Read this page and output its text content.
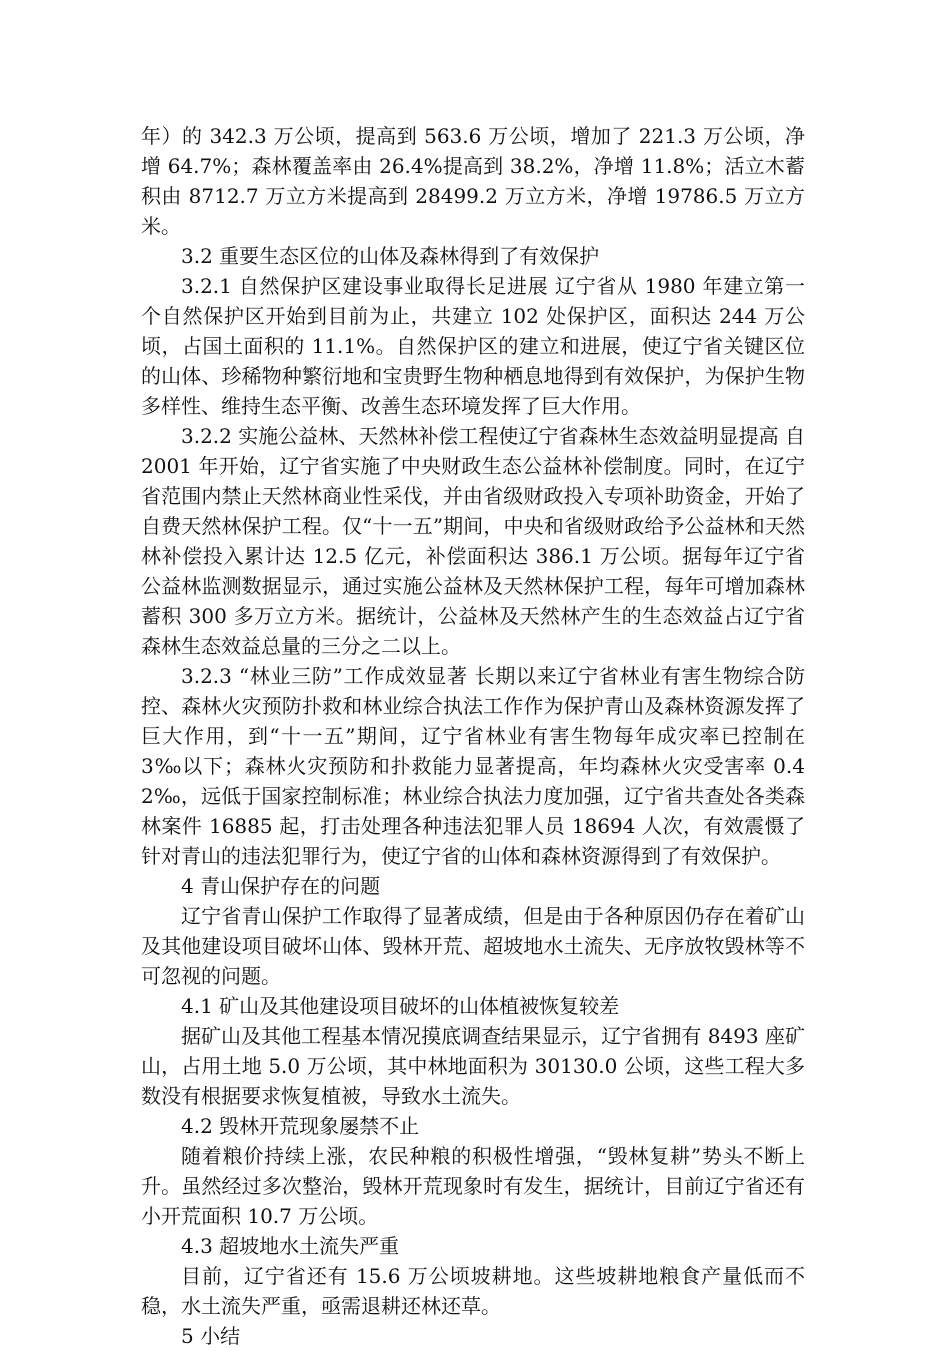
年）的 342.3 万公顷，提高到 563.6 万公顷，增加了 221.3 万公顷，净增 64.7%；森林覆盖率由 26.4%提高到 38.2%，净增 11.8%；活立木蓄积由 8712.7 万立方米提高到 28499.2 万立方米，净增 19786.5 万立方米。

3.2 重要生态区位的山体及森林得到了有效保护

3.2.1 自然保护区建设事业取得长足进展 辽宁省从 1980 年建立第一个自然保护区开始到目前为止，共建立 102 处保护区，面积达 244 万公顷，占国土面积的 11.1%。自然保护区的建立和进展，使辽宁省关键区位的山体、珍稀物种繁衍地和宝贵野生物种栖息地得到有效保护，为保护生物多样性、维持生态平衡、改善生态环境发挥了巨大作用。

3.2.2 实施公益林、天然林补偿工程使辽宁省森林生态效益明显提高 自 2001 年开始，辽宁省实施了中央财政生态公益林补偿制度。同时，在辽宁省范围内禁止天然林商业性采伐，并由省级财政投入专项补助资金，开始了自费天然林保护工程。仅“十一五”期间，中央和省级财政给予公益林和天然林补偿投入累计达 12.5 亿元，补偿面积达 386.1 万公顷。据每年辽宁省公益林监测数据显示，通过实施公益林及天然林保护工程，每年可增加森林蓄积 300 多万立方米。据统计，公益林及天然林产生的生态效益占辽宁省森林生态效益总量的三分之二以上。

3.2.3 “林业三防”工作成效显著 长期以来辽宁省林业有害生物综合防控、森林火灾预防扑救和林业综合执法工作作为保护青山及森林资源发挥了巨大作用，到“十一五”期间，辽宁省林业有害生物每年成灾率已控制在 3‰以下；森林火灾预防和扑救能力显著提高，年均森林火灾受害率 0.42‰，远低于国家控制标准；林业综合执法力度加强，辽宁省共查处各类森林案件 16885 起，打击处理各种违法犯罪人员 18694 人次，有效震慑了针对青山的违法犯罪行为，使辽宁省的山体和森林资源得到了有效保护。

4 青山保护存在的问题

辽宁省青山保护工作取得了显著成绩，但是由于各种原因仍存在着矿山及其他建设项目破坏山体、毁林开荒、超坡地水土流失、无序放牧毁林等不可忽视的问题。

4.1 矿山及其他建设项目破坏的山体植被恢复较差

据矿山及其他工程基本情况摸底调查结果显示，辽宁省拥有 8493 座矿山，占用土地 5.0 万公顷，其中林地面积为 30130.0 公顷，这些工程大多数没有根据要求恢复植被，导致水土流失。

4.2 毁林开荒现象屡禁不止

随着粮价持续上涨，农民种粮的积极性增强，“毁林复耕”势头不断上升。虽然经过多次整治，毁林开荒现象时有发生，据统计，目前辽宁省还有小开荒面积 10.7 万公顷。

4.3 超坡地水土流失严重

目前，辽宁省还有 15.6 万公顷坡耕地。这些坡耕地粮食产量低而不稳，水土流失严重，亟需退耕还林还草。

5 小结
